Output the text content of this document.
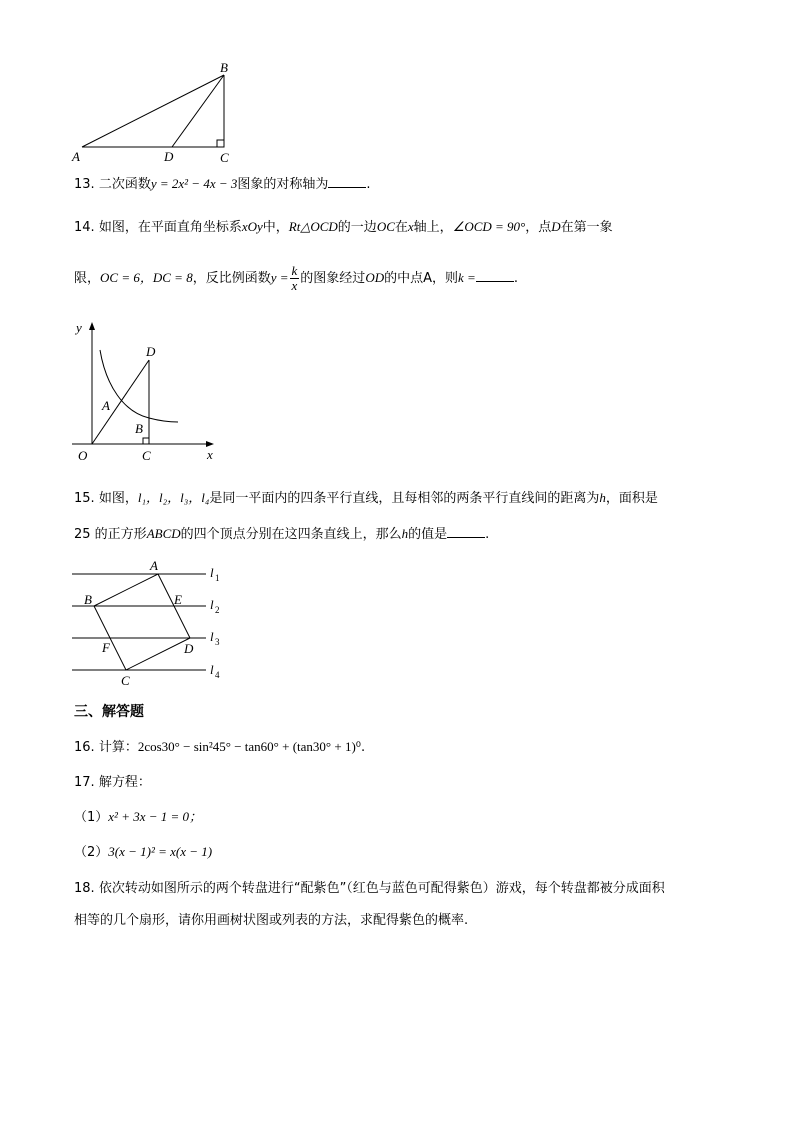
B
A	D	C
13. 二次函数y = 2x² − 4x − 3图象的对称轴为	.
14. 如图，在平面直角坐标系xOy中，Rt△OCD的一边OC在x轴上，∠OCD = 90°，点D在第一象
限，OC = 6，DC = 8，反比例函数$y = \frac{k}{x}$ 的图象经过OD的中点A，则k =	.
y
x
O	C
D
A
B
15. 如图，l₁，l₂，l₃，l₄是同一平面内的四条平行直线，且每相邻的两条平行直线间的距离为h，面积是
25 的正方形ABCD的四个顶点分别在这四条直线上，那么h的值是	.
A
B	E
F	D
C
l 1
l 2
l 3
l 4
三、解答题
16. 计算：2cos30° − sin²45° − tan60° + (tan30° + 1)⁰.
17. 解方程：
（1）x² + 3x − 1 = 0；
（2）3(x − 1)² = x(x − 1)
18. 依次转动如图所示的两个转盘进行“配紫色”（红色与蓝色可配得紫色）游戏，每个转盘都被分成面积
相等的几个扇形，请你用画树状图或列表的方法，求配得紫色的概率.
